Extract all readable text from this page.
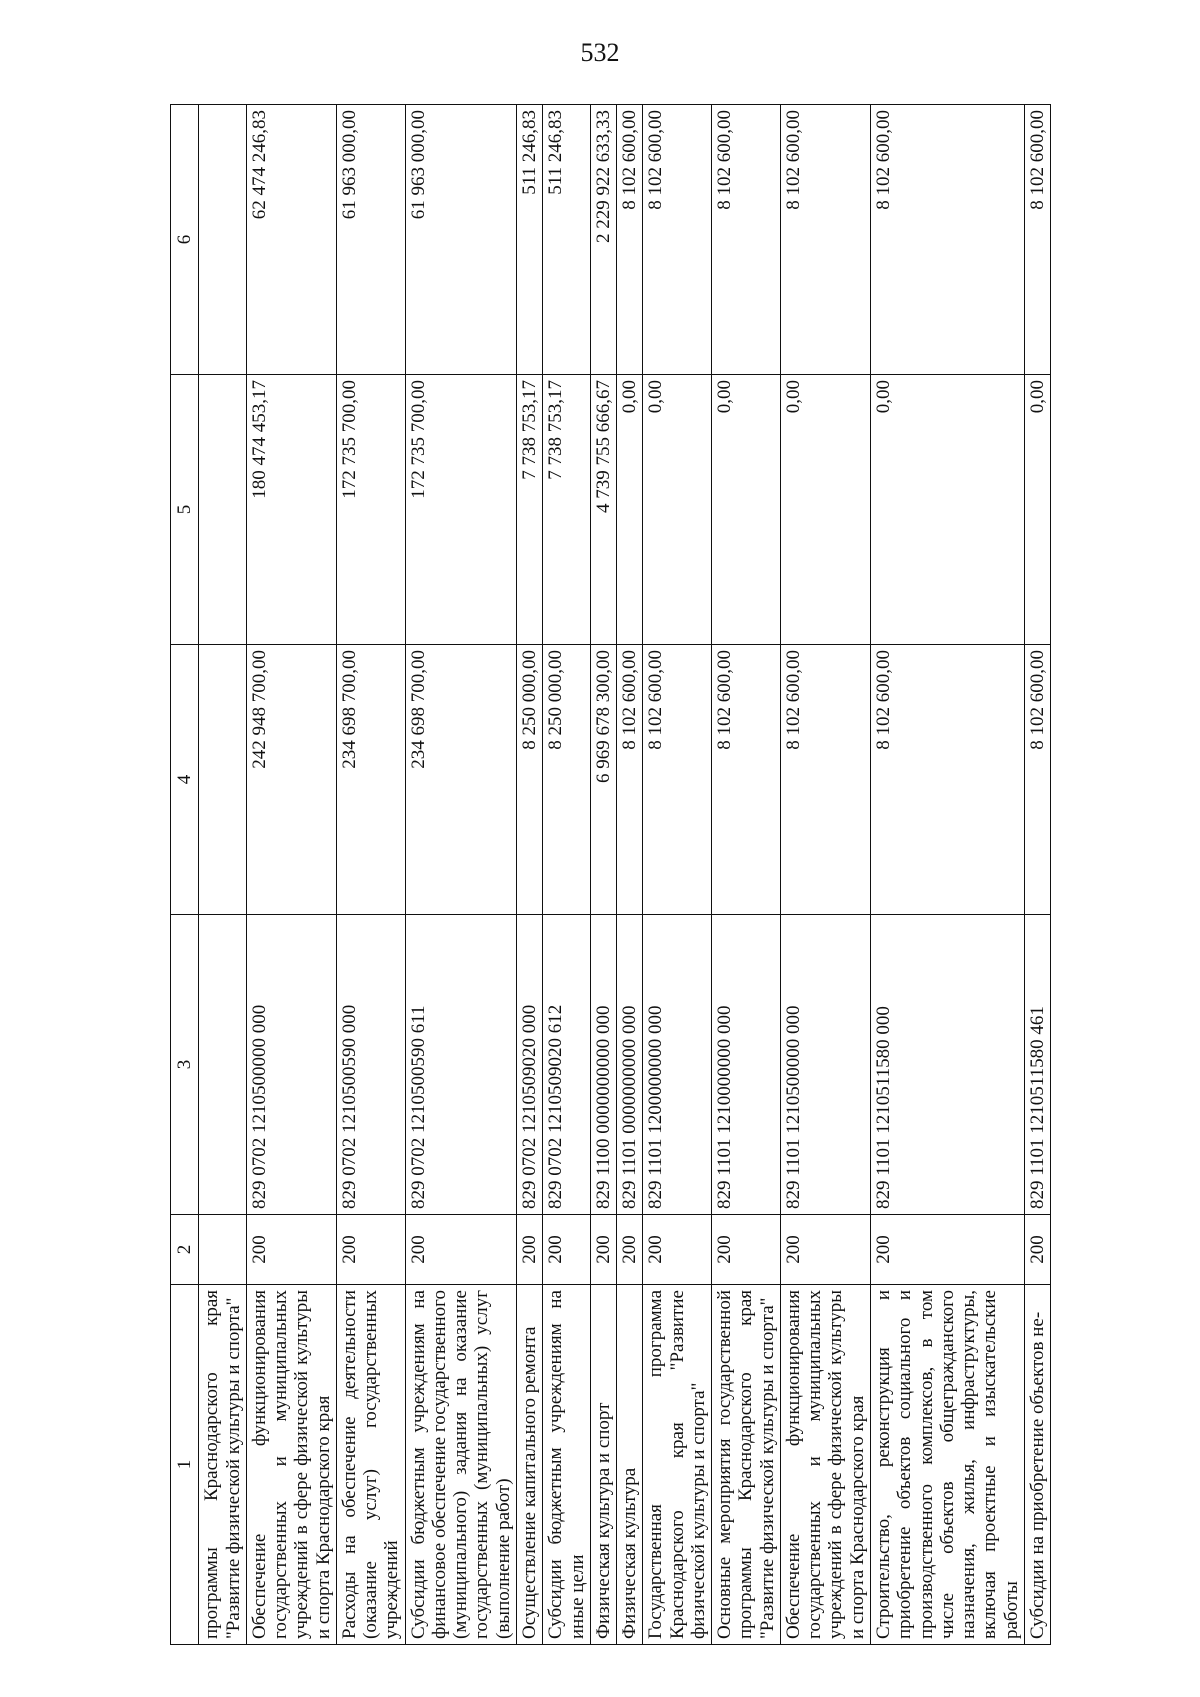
532
1	2	3	4	5	6
программы Краснодарского края "Развитие физической культуры и спорта"					
Обеспечение функционирования государственных и муниципальных учреждений в сфере физической культуры и спорта Краснодарского края	200	829 0702 1210500000 000	242 948 700,00	180 474 453,17	62 474 246,83
Расходы на обеспечение деятельности (оказание услуг) государственных учреждений	200	829 0702 1210500590 000	234 698 700,00	172 735 700,00	61 963 000,00
Субсидии бюджетным учреждениям на финансовое обеспечение государственного (муниципального) задания на оказание государственных (муниципальных) услуг (выполнение работ)	200	829 0702 1210500590 611	234 698 700,00	172 735 700,00	61 963 000,00
Осуществление капитального ремонта	200	829 0702 1210509020 000	8 250 000,00	7 738 753,17	511 246,83
Субсидии бюджетным учреждениям на иные цели	200	829 0702 1210509020 612	8 250 000,00	7 738 753,17	511 246,83
Физическая культура и спорт	200	829 1100 0000000000 000	6 969 678 300,00	4 739 755 666,67	2 229 922 633,33
Физическая культура	200	829 1101 0000000000 000	8 102 600,00	0,00	8 102 600,00
Государственная программа Краснодарского края "Развитие физической культуры и спорта"	200	829 1101 1200000000 000	8 102 600,00	0,00	8 102 600,00
Основные мероприятия государственной программы Краснодарского края "Развитие физической культуры и спорта"	200	829 1101 1210000000 000	8 102 600,00	0,00	8 102 600,00
Обеспечение функционирования государственных и муниципальных учреждений в сфере физической культуры и спорта Краснодарского края	200	829 1101 1210500000 000	8 102 600,00	0,00	8 102 600,00
Строительство, реконструкция и приобретение объектов социального и производственного комплексов, в том числе объектов общегражданского назначения, жилья, инфраструктуры, включая проектные и изыскательские работы	200	829 1101 1210511580 000	8 102 600,00	0,00	8 102 600,00
Субсидии на приобретение объектов не-	200	829 1101 1210511580 461	8 102 600,00	0,00	8 102 600,00
